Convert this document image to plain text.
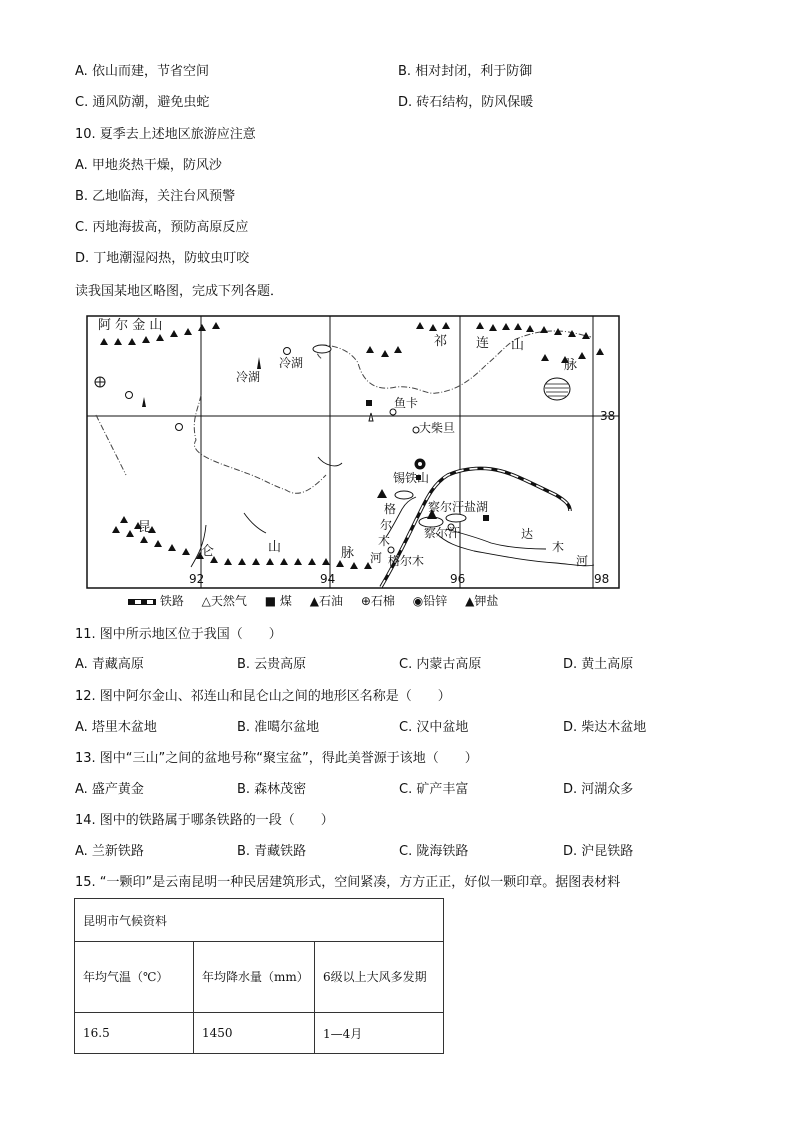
A. 依山而建，节省空间	B. 相对封闭，利于防御
C. 通风防潮，避免虫蛇	D. 砖石结构，防风保暖
10. 夏季去上述地区旅游应注意
A. 甲地炎热干燥，防风沙
B. 乙地临海，关注台风预警
C. 丙地海拔高，预防高原反应
D. 丁地潮湿闷热，防蚊虫叮咬
读我国某地区略图，完成下列各题．
阿 尔 金 山
冷湖
冷湖
鱼卡
大柴旦
锡铁山
察尔汗盐湖
察尔汗
格尔木
祁 连 山
脉
昆
仑	山	脉
格
尔
木
河
达
木
河
38
92	94	96	98
铁路 △天然气 ■ 煤 ▲石油 ⊕石棉 ◉铅锌 ▲钾盐
11. 图中所示地区位于我国（　　）
A. 青藏高原	B. 云贵高原	C. 内蒙古高原	D. 黄土高原
12. 图中阿尔金山、祁连山和昆仑山之间的地形区名称是（　　）
A. 塔里木盆地	B. 准噶尔盆地	C. 汉中盆地	D. 柴达木盆地
13. 图中“三山”之间的盆地号称“聚宝盆”，得此美誉源于该地（　　）
A. 盛产黄金	B. 森林茂密	C. 矿产丰富	D. 河湖众多
14. 图中的铁路属于哪条铁路的一段（　　）
A. 兰新铁路	B. 青藏铁路	C. 陇海铁路	D. 沪昆铁路
15. “一颗印”是云南昆明一种民居建筑形式，空间紧凑，方方正正，好似一颗印章。据图表材料
昆明市气候资料		
年均气温（℃）	年均降水量（mm）	6级以上大风多发期
16.5	1450	1—4月
